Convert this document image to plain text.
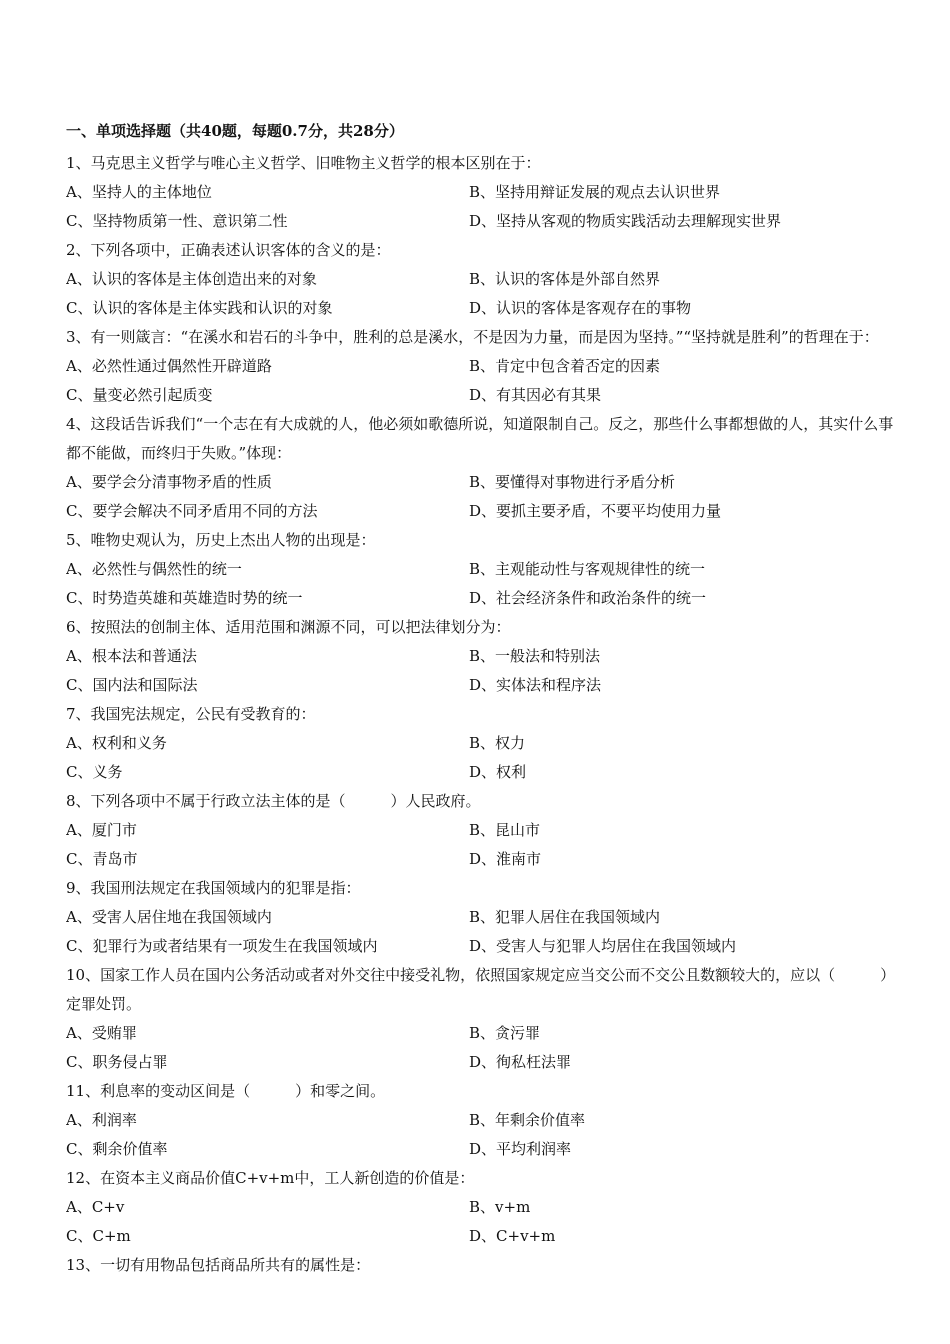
一、单项选择题（共40题，每题0.7分，共28分）
1、马克思主义哲学与唯心主义哲学、旧唯物主义哲学的根本区别在于：
A、坚持人的主体地位	B、坚持用辩证发展的观点去认识世界
C、坚持物质第一性、意识第二性	D、坚持从客观的物质实践活动去理解现实世界
2、下列各项中，正确表述认识客体的含义的是：
A、认识的客体是主体创造出来的对象	B、认识的客体是外部自然界
C、认识的客体是主体实践和认识的对象	D、认识的客体是客观存在的事物
3、有一则箴言：“在溪水和岩石的斗争中，胜利的总是溪水，不是因为力量，而是因为坚持。”“坚持就是胜利”的哲理在于：
A、必然性通过偶然性开辟道路	B、肯定中包含着否定的因素
C、量变必然引起质变	D、有其因必有其果
4、这段话告诉我们“一个志在有大成就的人，他必须如歌德所说，知道限制自己。反之，那些什么事都想做的人，其实什么事都不能做，而终归于失败。”体现：
A、要学会分清事物矛盾的性质	B、要懂得对事物进行矛盾分析
C、要学会解决不同矛盾用不同的方法	D、要抓主要矛盾，不要平均使用力量
5、唯物史观认为，历史上杰出人物的出现是：
A、必然性与偶然性的统一	B、主观能动性与客观规律性的统一
C、时势造英雄和英雄造时势的统一	D、社会经济条件和政治条件的统一
6、按照法的创制主体、适用范围和渊源不同，可以把法律划分为：
A、根本法和普通法	B、一般法和特别法
C、国内法和国际法	D、实体法和程序法
7、我国宪法规定，公民有受教育的：
A、权利和义务	B、权力
C、义务	D、权利
8、下列各项中不属于行政立法主体的是（　　　）人民政府。
A、厦门市	B、昆山市
C、青岛市	D、淮南市
9、我国刑法规定在我国领域内的犯罪是指：
A、受害人居住地在我国领域内	B、犯罪人居住在我国领域内
C、犯罪行为或者结果有一项发生在我国领域内	D、受害人与犯罪人均居住在我国领域内
10、国家工作人员在国内公务活动或者对外交往中接受礼物，依照国家规定应当交公而不交公且数额较大的，应以（　　　）定罪处罚。
A、受贿罪	B、贪污罪
C、职务侵占罪	D、徇私枉法罪
11、利息率的变动区间是（　　　）和零之间。
A、利润率	B、年剩余价值率
C、剩余价值率	D、平均利润率
12、在资本主义商品价值C+v+m中，工人新创造的价值是：
A、C+v	B、v+m
C、C+m	D、C+v+m
13、一切有用物品包括商品所共有的属性是：
